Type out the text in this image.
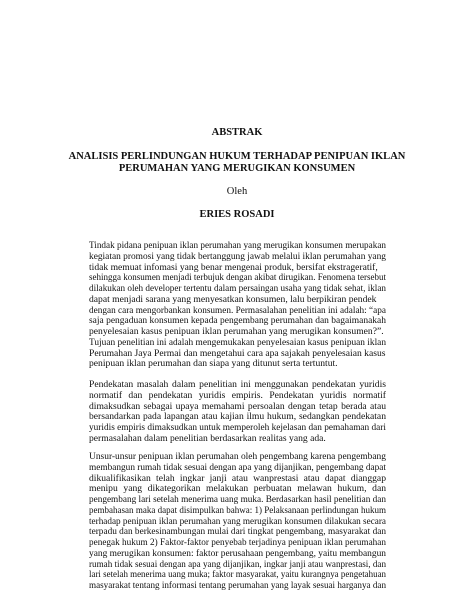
ABSTRAK
ANALISIS PERLINDUNGAN HUKUM TERHADAP PENIPUAN IKLAN
PERUMAHAN YANG MERUGIKAN KONSUMEN
Oleh
ERIES ROSADI
Tindak pidana penipuan iklan perumahan yang merugikan konsumen merupakan
kegiatan promosi yang tidak bertanggung jawab melalui iklan perumahan yang
tidak memuat infomasi yang benar mengenai produk, bersifat ekstrageratif,
sehingga konsumen menjadi terbujuk dengan akibat dirugikan. Fenomena tersebut
dilakukan oleh developer tertentu dalam persaingan usaha yang tidak sehat, iklan
dapat menjadi sarana yang menyesatkan konsumen, lalu berpikiran pendek
dengan cara mengorbankan konsumen. Permasalahan penelitian ini adalah: “apa
saja pengaduan konsumen kepada pengembang perumahan dan bagaimanakah
penyelesaian kasus penipuan iklan perumahan yang merugikan konsumen?”.
Tujuan penelitian ini adalah mengemukakan penyelesaian kasus penipuan iklan
Perumahan Jaya Permai dan mengetahui cara apa sajakah penyelesaian kasus
penipuan iklan perumahan dan siapa yang ditunut serta tertuntut.
Pendekatan masalah dalam penelitian ini menggunakan pendekatan yuridis
normatif dan pendekatan yuridis empiris. Pendekatan yuridis normatif
dimaksudkan sebagai upaya memahami persoalan dengan tetap berada atau
bersandarkan pada lapangan atau kajian ilmu hukum, sedangkan pendekatan
yuridis empiris dimaksudkan untuk memperoleh kejelasan dan pemahaman dari
permasalahan dalam penelitian berdasarkan realitas yang ada.
Unsur-unsur penipuan iklan perumahan oleh pengembang karena pengembang
membangun rumah tidak sesuai dengan apa yang dijanjikan, pengembang dapat
dikualifikasikan telah ingkar janji atau wanprestasi atau dapat dianggap
menipu yang dikategorikan melakukan perbuatan melawan hukum, dan
pengembang lari setelah menerima uang muka. Berdasarkan hasil penelitian dan
pembahasan maka dapat disimpulkan bahwa: 1) Pelaksanaan perlindungan hukum
terhadap penipuan iklan perumahan yang merugikan konsumen dilakukan secara
terpadu dan berkesinambungan mulai dari tingkat pengembang, masyarakat dan
penegak hukum 2) Faktor-faktor penyebab terjadinya penipuan iklan perumahan
yang merugikan konsumen: faktor perusahaan pengembang, yaitu membangun
rumah tidak sesuai dengan apa yang dijanjikan, ingkar janji atau wanprestasi, dan
lari setelah menerima uang muka; faktor masyarakat, yaitu kurangnya pengetahuan
masyarakat tentang informasi tentang perumahan yang layak sesuai harganya dan
